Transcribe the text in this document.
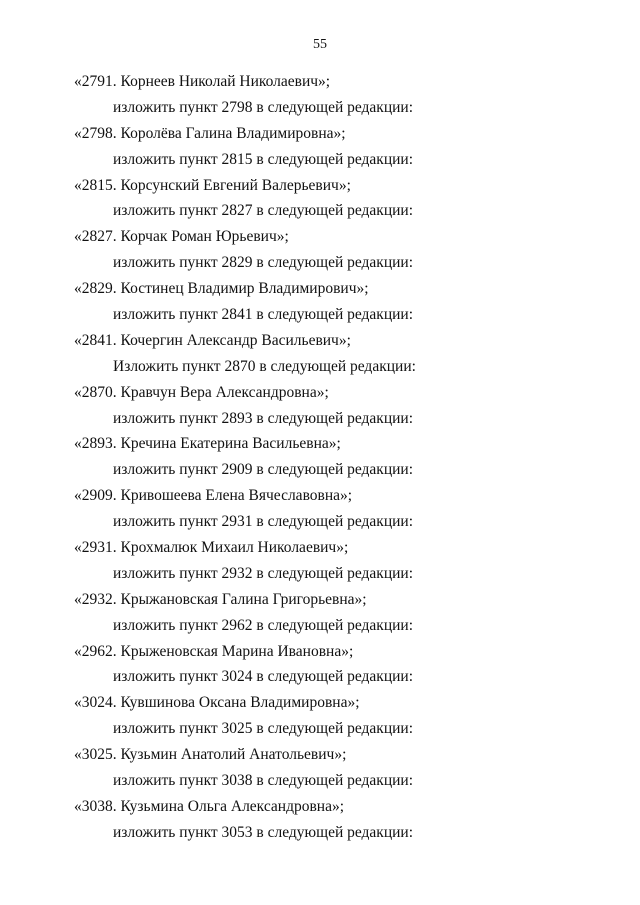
55
«2791. Корнеев Николай Николаевич»;
изложить пункт 2798 в следующей редакции:
«2798. Королёва Галина Владимировна»;
изложить пункт 2815 в следующей редакции:
«2815. Корсунский Евгений Валерьевич»;
изложить пункт 2827 в следующей редакции:
«2827. Корчак Роман Юрьевич»;
изложить пункт 2829 в следующей редакции:
«2829. Костинец Владимир Владимирович»;
изложить пункт 2841 в следующей редакции:
«2841. Кочергин Александр Васильевич»;
Изложить пункт 2870 в следующей редакции:
«2870. Кравчун Вера Александровна»;
изложить пункт 2893 в следующей редакции:
«2893. Кречина Екатерина Васильевна»;
изложить пункт 2909 в следующей редакции:
«2909. Кривошеева Елена Вячеславовна»;
изложить пункт 2931 в следующей редакции:
«2931. Крохмалюк Михаил Николаевич»;
изложить пункт 2932 в следующей редакции:
«2932. Крыжановская Галина Григорьевна»;
изложить пункт 2962 в следующей редакции:
«2962. Крыженовская Марина Ивановна»;
изложить пункт 3024 в следующей редакции:
«3024. Кувшинова Оксана Владимировна»;
изложить пункт 3025 в следующей редакции:
«3025. Кузьмин Анатолий Анатольевич»;
изложить пункт 3038 в следующей редакции:
«3038. Кузьмина Ольга Александровна»;
изложить пункт 3053 в следующей редакции:
